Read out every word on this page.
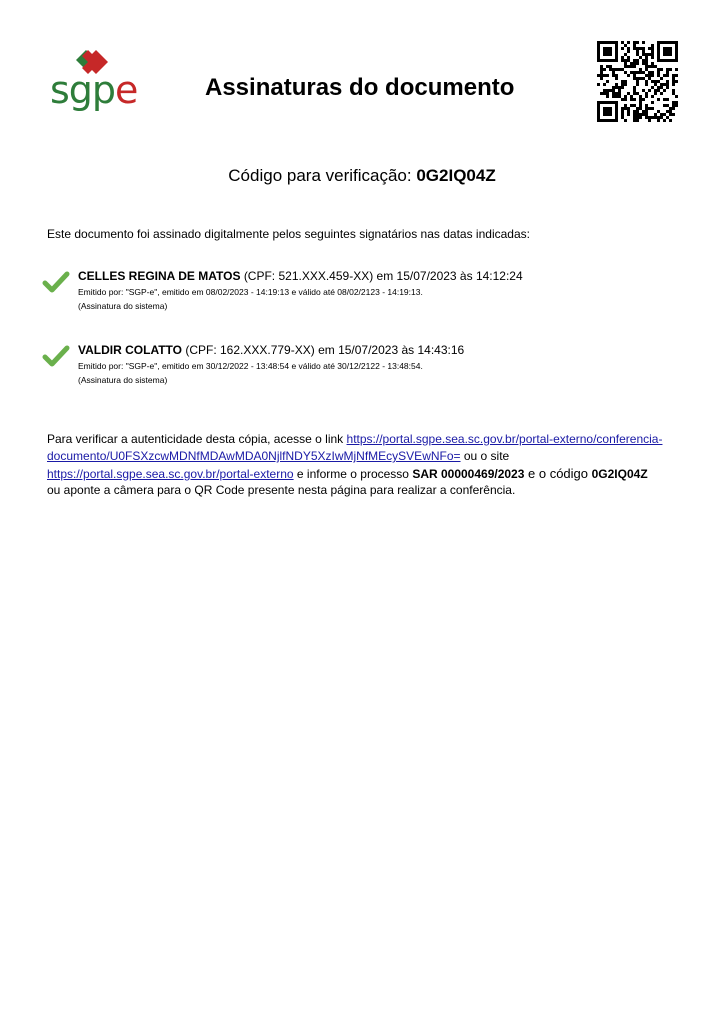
sgpe	Assinaturas do documento
Código para verificação: 0G2IQ04Z
Este documento foi assinado digitalmente pelos seguintes signatários nas datas indicadas:
CELLES REGINA DE MATOS (CPF: 521.XXX.459-XX) em 15/07/2023 às 14:12:24
Emitido por: "SGP-e", emitido em 08/02/2023 - 14:19:13 e válido até 08/02/2123 - 14:19:13.
(Assinatura do sistema)
VALDIR COLATTO (CPF: 162.XXX.779-XX) em 15/07/2023 às 14:43:16
Emitido por: "SGP-e", emitido em 30/12/2022 - 13:48:54 e válido até 30/12/2122 - 13:48:54.
(Assinatura do sistema)
Para verificar a autenticidade desta cópia, acesse o link https://portal.sgpe.sea.sc.gov.br/portal-externo/conferencia-
documento/U0FSXzcwMDNfMDAwMDA0NjlfNDY5XzIwMjNfMEcySVEwNFo= ou o site
https://portal.sgpe.sea.sc.gov.br/portal-externo e informe o processo SAR 00000469/2023 e o código 0G2IQ04Z
ou aponte a câmera para o QR Code presente nesta página para realizar a conferência.
